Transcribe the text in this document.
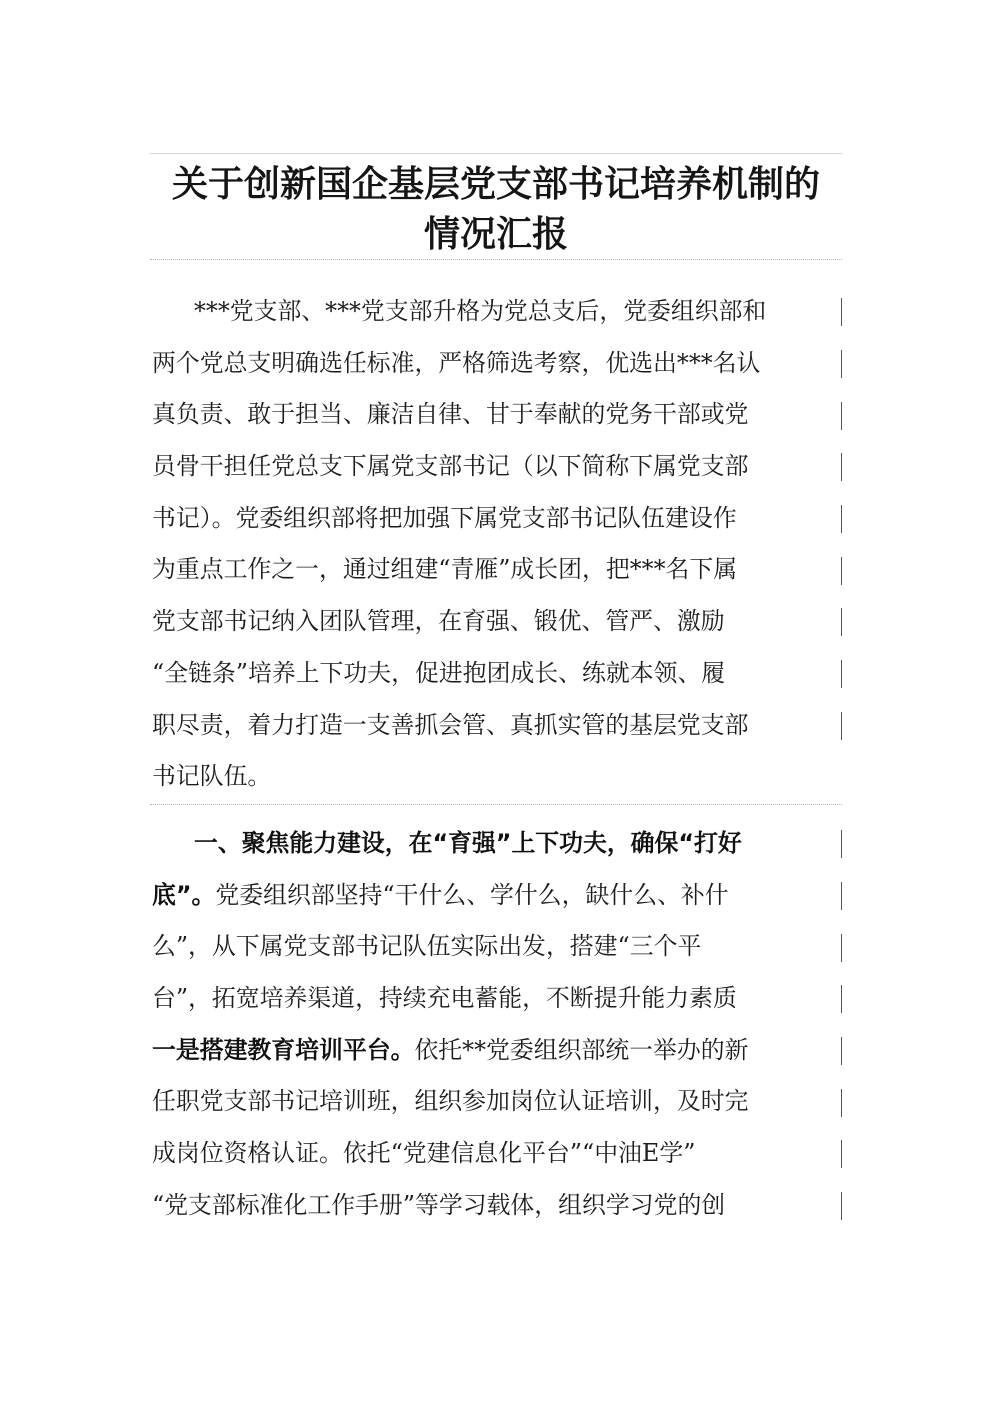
关于创新国企基层党支部书记培养机制的
情况汇报
***党支部、***党支部升格为党总支后，党委组织部和
两个党总支明确选任标准，严格筛选考察，优选出***名认
真负责、敢于担当、廉洁自律、甘于奉献的党务干部或党
员骨干担任党总支下属党支部书记（以下简称下属党支部
书记）。党委组织部将把加强下属党支部书记队伍建设作
为重点工作之一，通过组建“青雁”成长团，把***名下属
党支部书记纳入团队管理，在育强、锻优、管严、激励
“全链条”培养上下功夫，促进抱团成长、练就本领、履
职尽责，着力打造一支善抓会管、真抓实管的基层党支部
书记队伍。
一、聚焦能力建设，在“育强”上下功夫，确保“打好
底”。党委组织部坚持“干什么、学什么，缺什么、补什
么”，从下属党支部书记队伍实际出发，搭建“三个平
台”，拓宽培养渠道，持续充电蓄能，不断提升能力素质
一是搭建教育培训平台。依托**党委组织部统一举办的新
任职党支部书记培训班，组织参加岗位认证培训，及时完
成岗位资格认证。依托“党建信息化平台”“中油E学”
“党支部标准化工作手册”等学习载体，组织学习党的创
